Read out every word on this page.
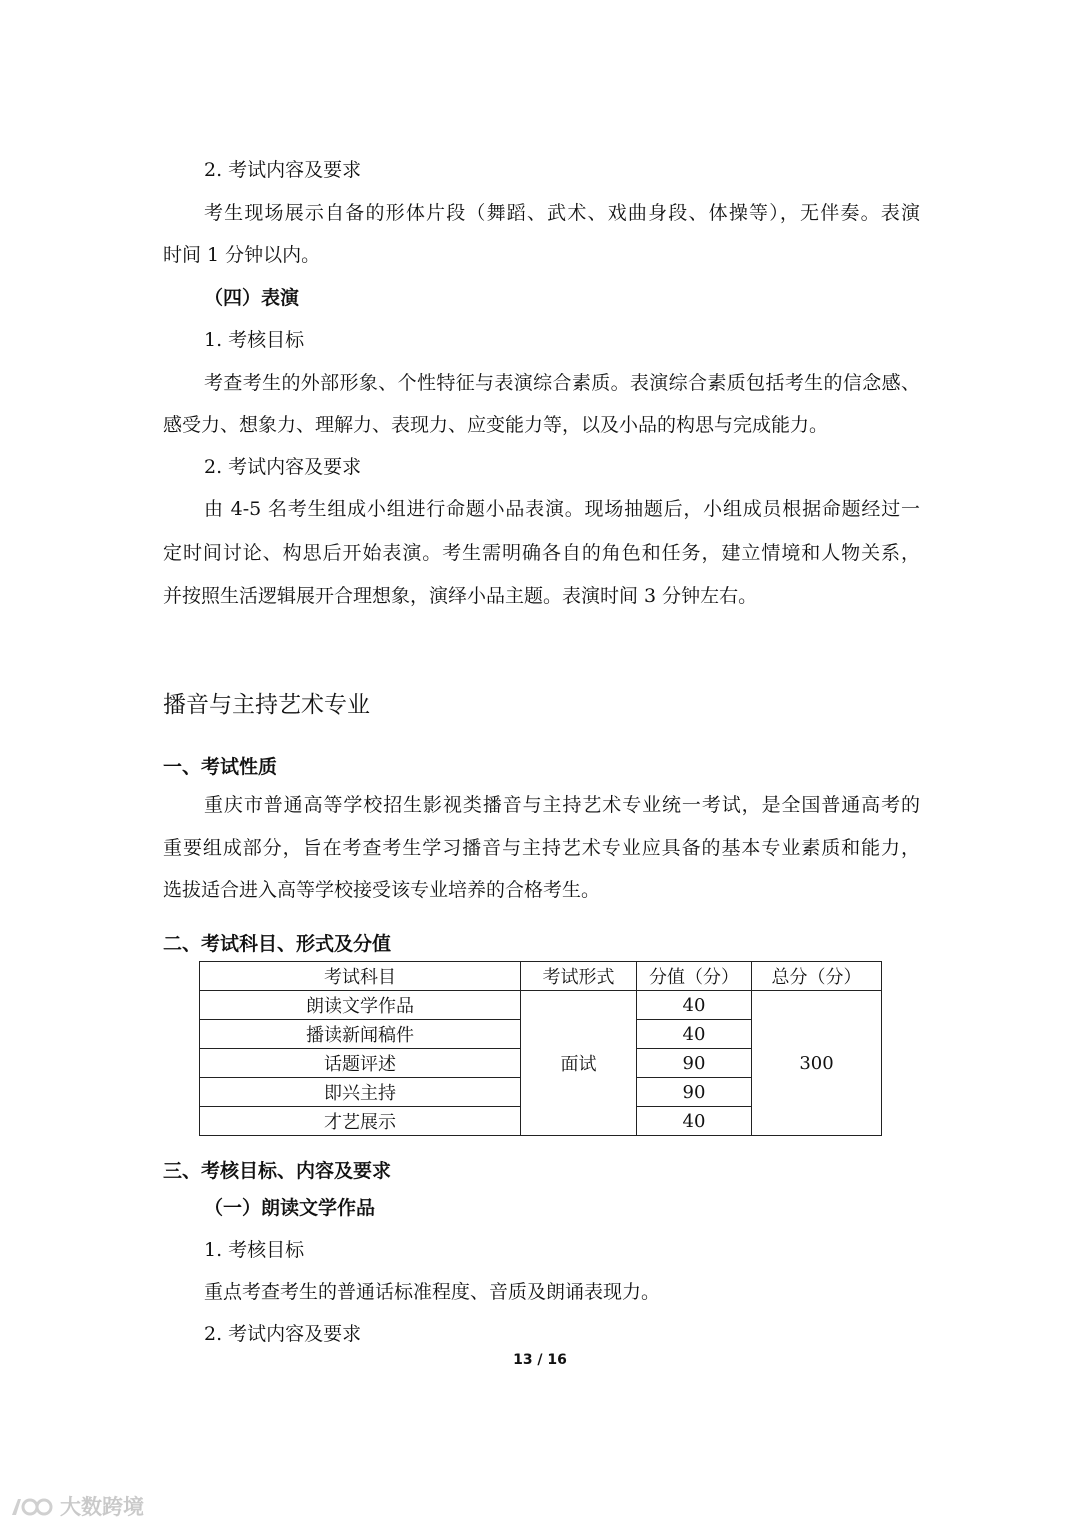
2. 考试内容及要求
考生现场展示自备的形体片段（舞蹈、武术、戏曲身段、体操等），无伴奏。表演
时间 1 分钟以内。
（四）表演
1. 考核目标
考查考生的外部形象、个性特征与表演综合素质。表演综合素质包括考生的信念感、
感受力、想象力、理解力、表现力、应变能力等，以及小品的构思与完成能力。
2. 考试内容及要求
由 4-5 名考生组成小组进行命题小品表演。现场抽题后，小组成员根据命题经过一
定时间讨论、构思后开始表演。考生需明确各自的角色和任务，建立情境和人物关系，
并按照生活逻辑展开合理想象，演绎小品主题。表演时间 3 分钟左右。
播音与主持艺术专业
一、考试性质
重庆市普通高等学校招生影视类播音与主持艺术专业统一考试，是全国普通高考的
重要组成部分，旨在考查考生学习播音与主持艺术专业应具备的基本专业素质和能力，
选拔适合进入高等学校接受该专业培养的合格考生。
二、考试科目、形式及分值
考试科目	考试形式	分值（分）	总分（分）
朗读文学作品	面试	40	300
播读新闻稿件		40	
话题评述		90	
即兴主持		90	
才艺展示		40	
三、考核目标、内容及要求
（一）朗读文学作品
1. 考核目标
重点考查考生的普通话标准程度、音质及朗诵表现力。
2. 考试内容及要求
13 / 16
大数跨境
